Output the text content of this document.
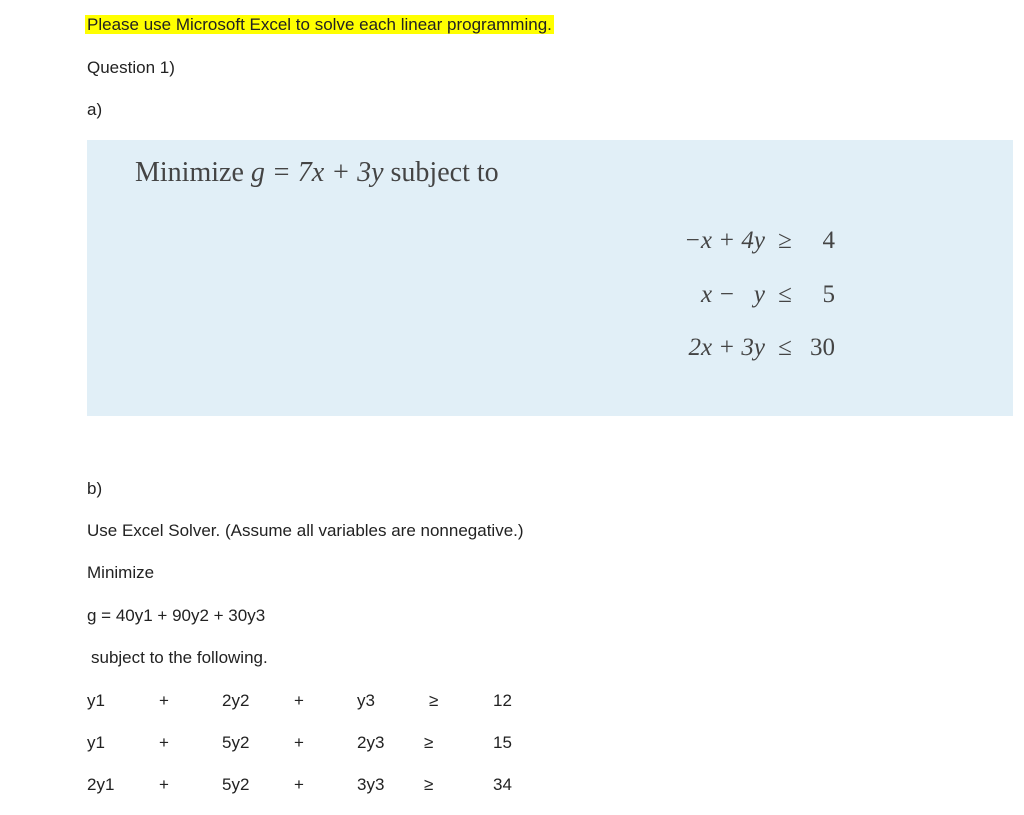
Please use Microsoft Excel to solve each linear programming.
Question 1)
a)
Minimize g = 7x + 3y subject to
−x + 4y ≥	4
x −   y ≤	5
2x + 3y ≤ 30
b)
Use Excel Solver. (Assume all variables are nonnegative.)
Minimize
g = 40y1 + 90y2 + 30y3
subject to the following.
y1	+	2y2	+	y3	≥	12
y1	+	5y2	+	2y3 ≥	15
2y1	+	5y2	+	3y3 ≥	34
